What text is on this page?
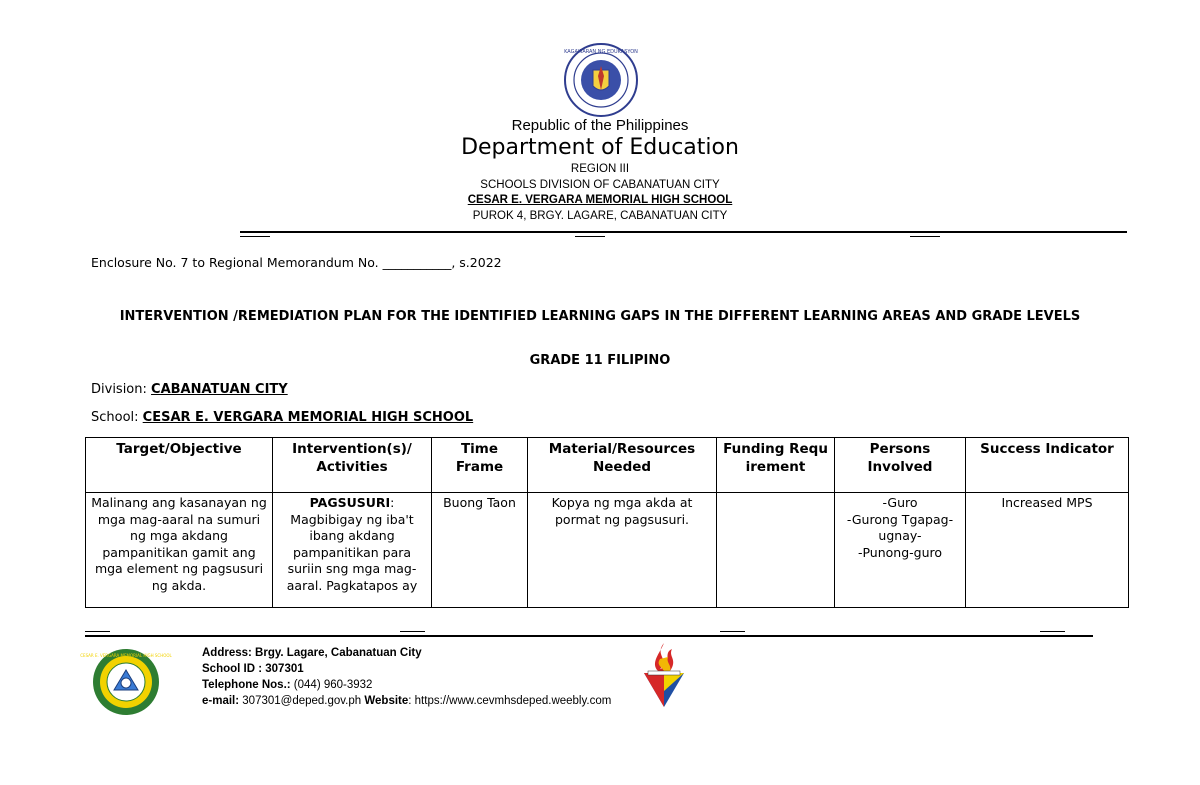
KAGAWARAN NG EDUKASYON
Republic of the Philippines
Department of Education
REGION III
SCHOOLS DIVISION OF CABANATUAN CITY
CESAR E. VERGARA MEMORIAL HIGH SCHOOL
PUROK 4, BRGY. LAGARE, CABANATUAN CITY
Enclosure No. 7 to Regional Memorandum No. ___________, s.2022
INTERVENTION /REMEDIATION PLAN FOR THE IDENTIFIED LEARNING GAPS IN THE DIFFERENT LEARNING AREAS AND GRADE LEVELS
GRADE 11 FILIPINO
Division: CABANATUAN CITY
School: CESAR E. VERGARA MEMORIAL HIGH SCHOOL
Target/Objective	Intervention(s)/ Activities	Time Frame	Material/Resources Needed	Funding Requirement	Persons Involved	Success Indicator

Malinang ang kasanayan ng mga mag-aaral na sumuri ng mga akdang pampanitikan gamit ang mga element ng pagsusuri ng akda.	PAGSUSURI: Magbibigay ng iba't ibang akdang pampanitikan para suriin sng mga mag-aaral. Pagkatapos ay	Buong Taon	Kopya ng mga akda at pormat ng pagsusuri.		-Guro
-Gurong Tgapag-ugnay-
-Punong-guro	Increased MPS
CESAR E. VERGARA MEMORIAL HIGH SCHOOL	Address: Brgy. Lagare, Cabanatuan City
School ID : 307301
Telephone Nos.: (044) 960-3932
e-mail: 307301@deped.gov.ph Website: https://www.cevmhsdeped.weebly.com
